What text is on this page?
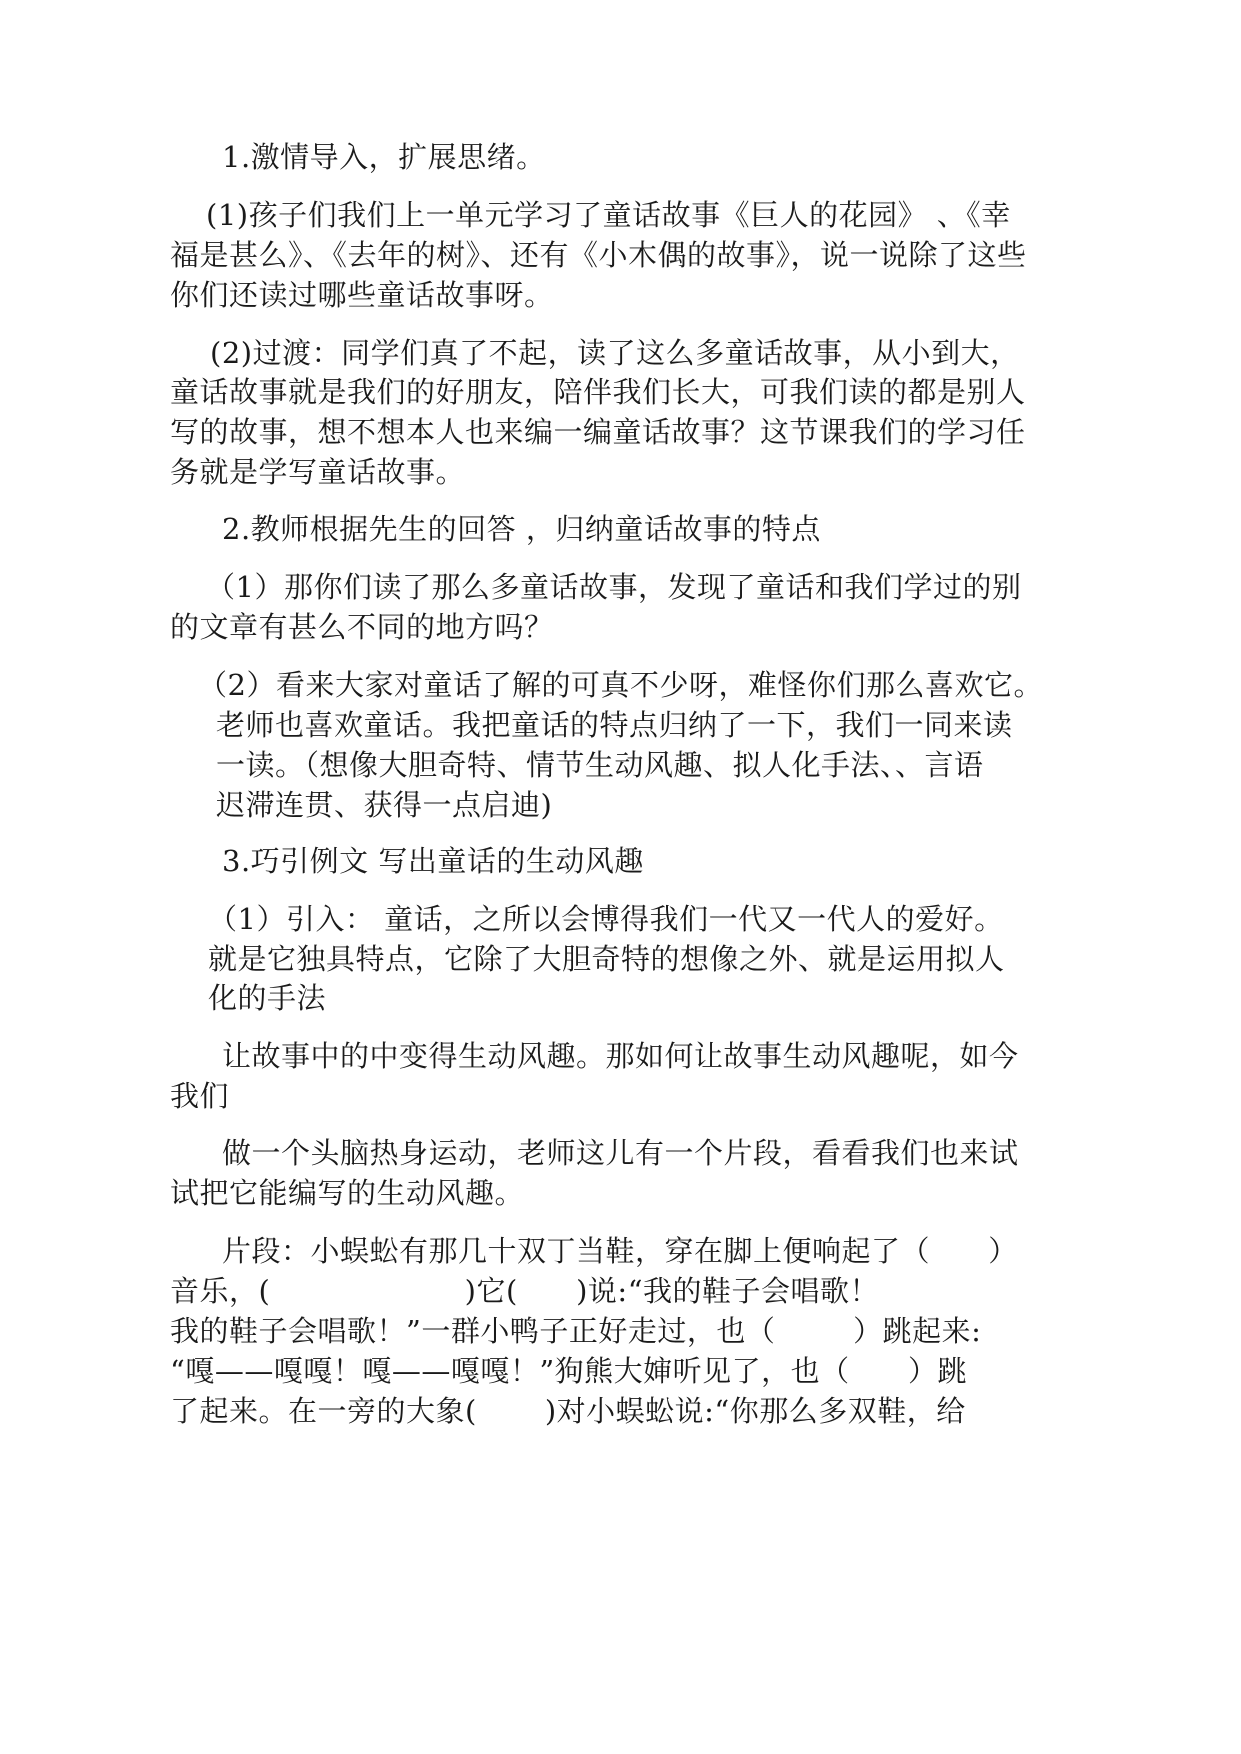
1.激情导入，扩展思绪。
(1)孩子们我们上一单元学习了童话故事《巨人的花园》 、《幸
福是甚么》、《去年的树》、还有《小木偶的故事》，说一说除了这些
你们还读过哪些童话故事呀。
(2)过渡：同学们真了不起，读了这么多童话故事，从小到大，
童话故事就是我们的好朋友，陪伴我们长大，可我们读的都是别人
写的故事，想不想本人也来编一编童话故事？这节课我们的学习任
务就是学写童话故事。
2.教师根据先生的回答 ，归纳童话故事的特点
（1）那你们读了那么多童话故事，发现了童话和我们学过的别
的文章有甚么不同的地方吗？
（2）看来大家对童话了解的可真不少呀，难怪你们那么喜欢它。
老师也喜欢童话。我把童话的特点归纳了一下，我们一同来读
一读。（想像大胆奇特、情节生动风趣、拟人化手法、、言语
迟滞连贯、获得一点启迪)
3.巧引例文 写出童话的生动风趣
（1）引入： 童话，之所以会博得我们一代又一代人的爱好。
就是它独具特点，它除了大胆奇特的想像之外、就是运用拟人
化的手法
让故事中的中变得生动风趣。那如何让故事生动风趣呢，如今
我们
做一个头脑热身运动，老师这儿有一个片段，看看我们也来试
试把它能编写的生动风趣。
片段：小蜈蚣有那几十双丁当鞋，穿在脚上便响起了（      ）
音乐，(                    )它(      )说:“我的鞋子会唱歌！
我的鞋子会唱歌！”一群小鸭子正好走过，也（        ）跳起来:
“嘎——嘎嘎！嘎——嘎嘎！”狗熊大婶听见了，也（      ）跳
了起来。在一旁的大象(       )对小蜈蚣说:“你那么多双鞋，给
